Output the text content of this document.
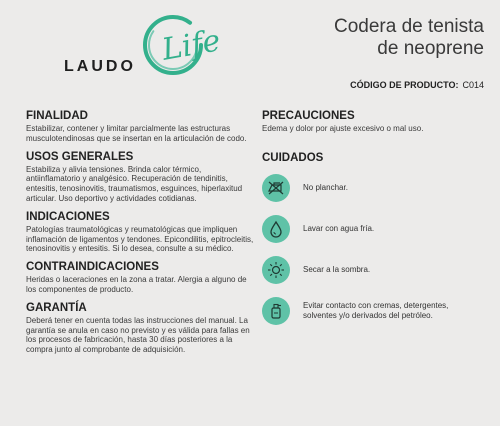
LAUDO Life	Codera de tenista
de neoprene
CÓDIGO DE PRODUCTO: C014
FINALIDAD

Estabilizar, contener y limitar parcialmente las estructuras musculotendinosas que se insertan en la articulación de codo.

USOS GENERALES

Estabiliza y alivia tensiones. Brinda calor térmico, antiinflamatorio y analgésico. Recuperación de tendinitis, entesitis, tenosinovitis, traumatismos, esguinces, hiperlaxitud articular. Uso deportivo y actividades cotidianas.

INDICACIONES

Patologías traumatológicas y reumatológicas que impliquen inflamación de ligamentos y tendones. Epicondilitis, epitrocleitis, tenosinovitis y entesitis. Si lo desea, consulte a su médico.

CONTRAINDICACIONES

Heridas o laceraciones en la zona a tratar. Alergia a alguno de los componentes de producto.

GARANTÍA

Deberá tener en cuenta todas las instrucciones del manual. La garantía se anula en caso no previsto y es válida para fallas en los procesos de fabricación, hasta 30 días posteriores a la compra junto al comprobante de adquisición.

PRECAUCIONES

Edema y dolor por ajuste excesivo o mal uso.

CUIDADOS
No planchar.
Lavar con agua fría.
Secar a la sombra.
Evitar contacto con cremas, detergentes, solventes y/o derivados del petróleo.
